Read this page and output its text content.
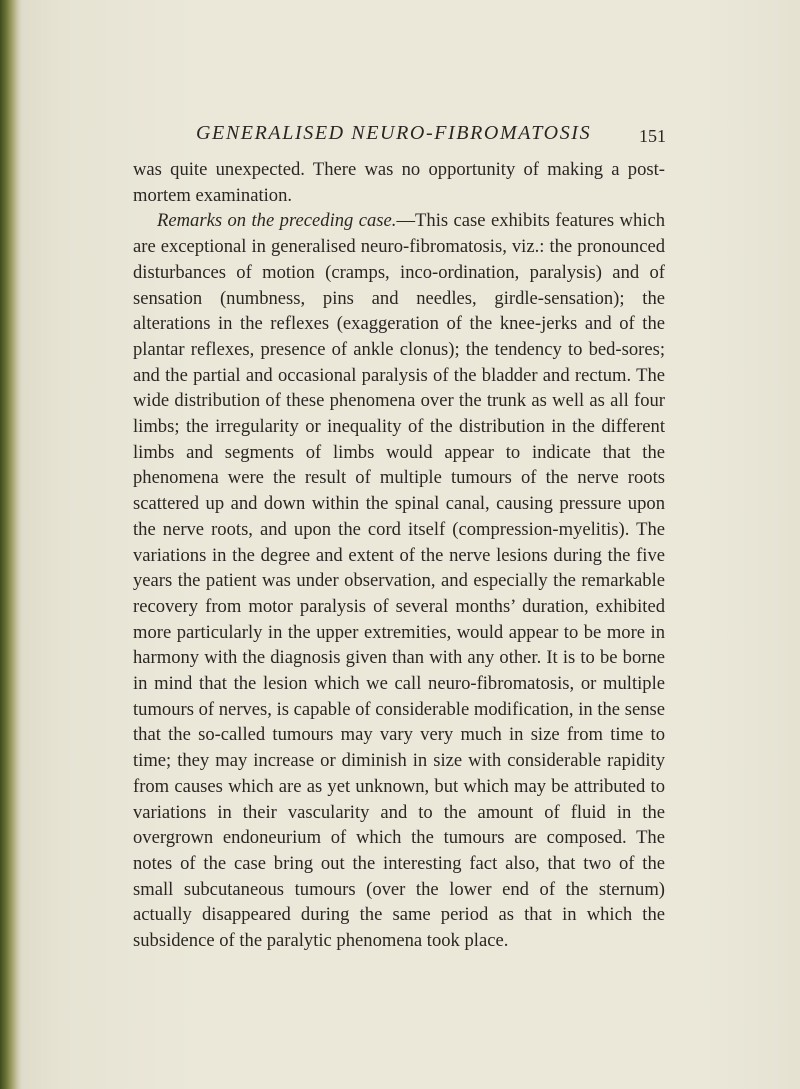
GENERALISED NEURO-FIBROMATOSIS	151

was quite unexpected. There was no opportunity of making a post-mortem examination.

Remarks on the preceding case.—This case exhibits features which are exceptional in generalised neuro-fibromatosis, viz.: the pronounced disturbances of motion (cramps, inco-ordination, paralysis) and of sensation (numbness, pins and needles, girdle-sensation); the alterations in the reflexes (exaggeration of the knee-jerks and of the plantar reflexes, presence of ankle clonus); the tendency to bed-sores; and the partial and occasional paralysis of the bladder and rectum. The wide distribution of these phenomena over the trunk as well as all four limbs; the irregularity or inequality of the distribution in the different limbs and segments of limbs would appear to indicate that the phenomena were the result of multiple tumours of the nerve roots scattered up and down within the spinal canal, causing pressure upon the nerve roots, and upon the cord itself (compression-myelitis). The variations in the degree and extent of the nerve lesions during the five years the patient was under observation, and especially the remarkable recovery from motor paralysis of several months’ duration, exhibited more particularly in the upper extremities, would appear to be more in harmony with the diagnosis given than with any other. It is to be borne in mind that the lesion which we call neuro-fibromatosis, or multiple tumours of nerves, is capable of considerable modification, in the sense that the so-called tumours may vary very much in size from time to time; they may increase or diminish in size with considerable rapidity from causes which are as yet unknown, but which may be attributed to variations in their vascularity and to the amount of fluid in the overgrown endoneurium of which the tumours are composed. The notes of the case bring out the interesting fact also, that two of the small subcutaneous tumours (over the lower end of the sternum) actually disappeared during the same period as that in which the subsidence of the paralytic phenomena took place.
